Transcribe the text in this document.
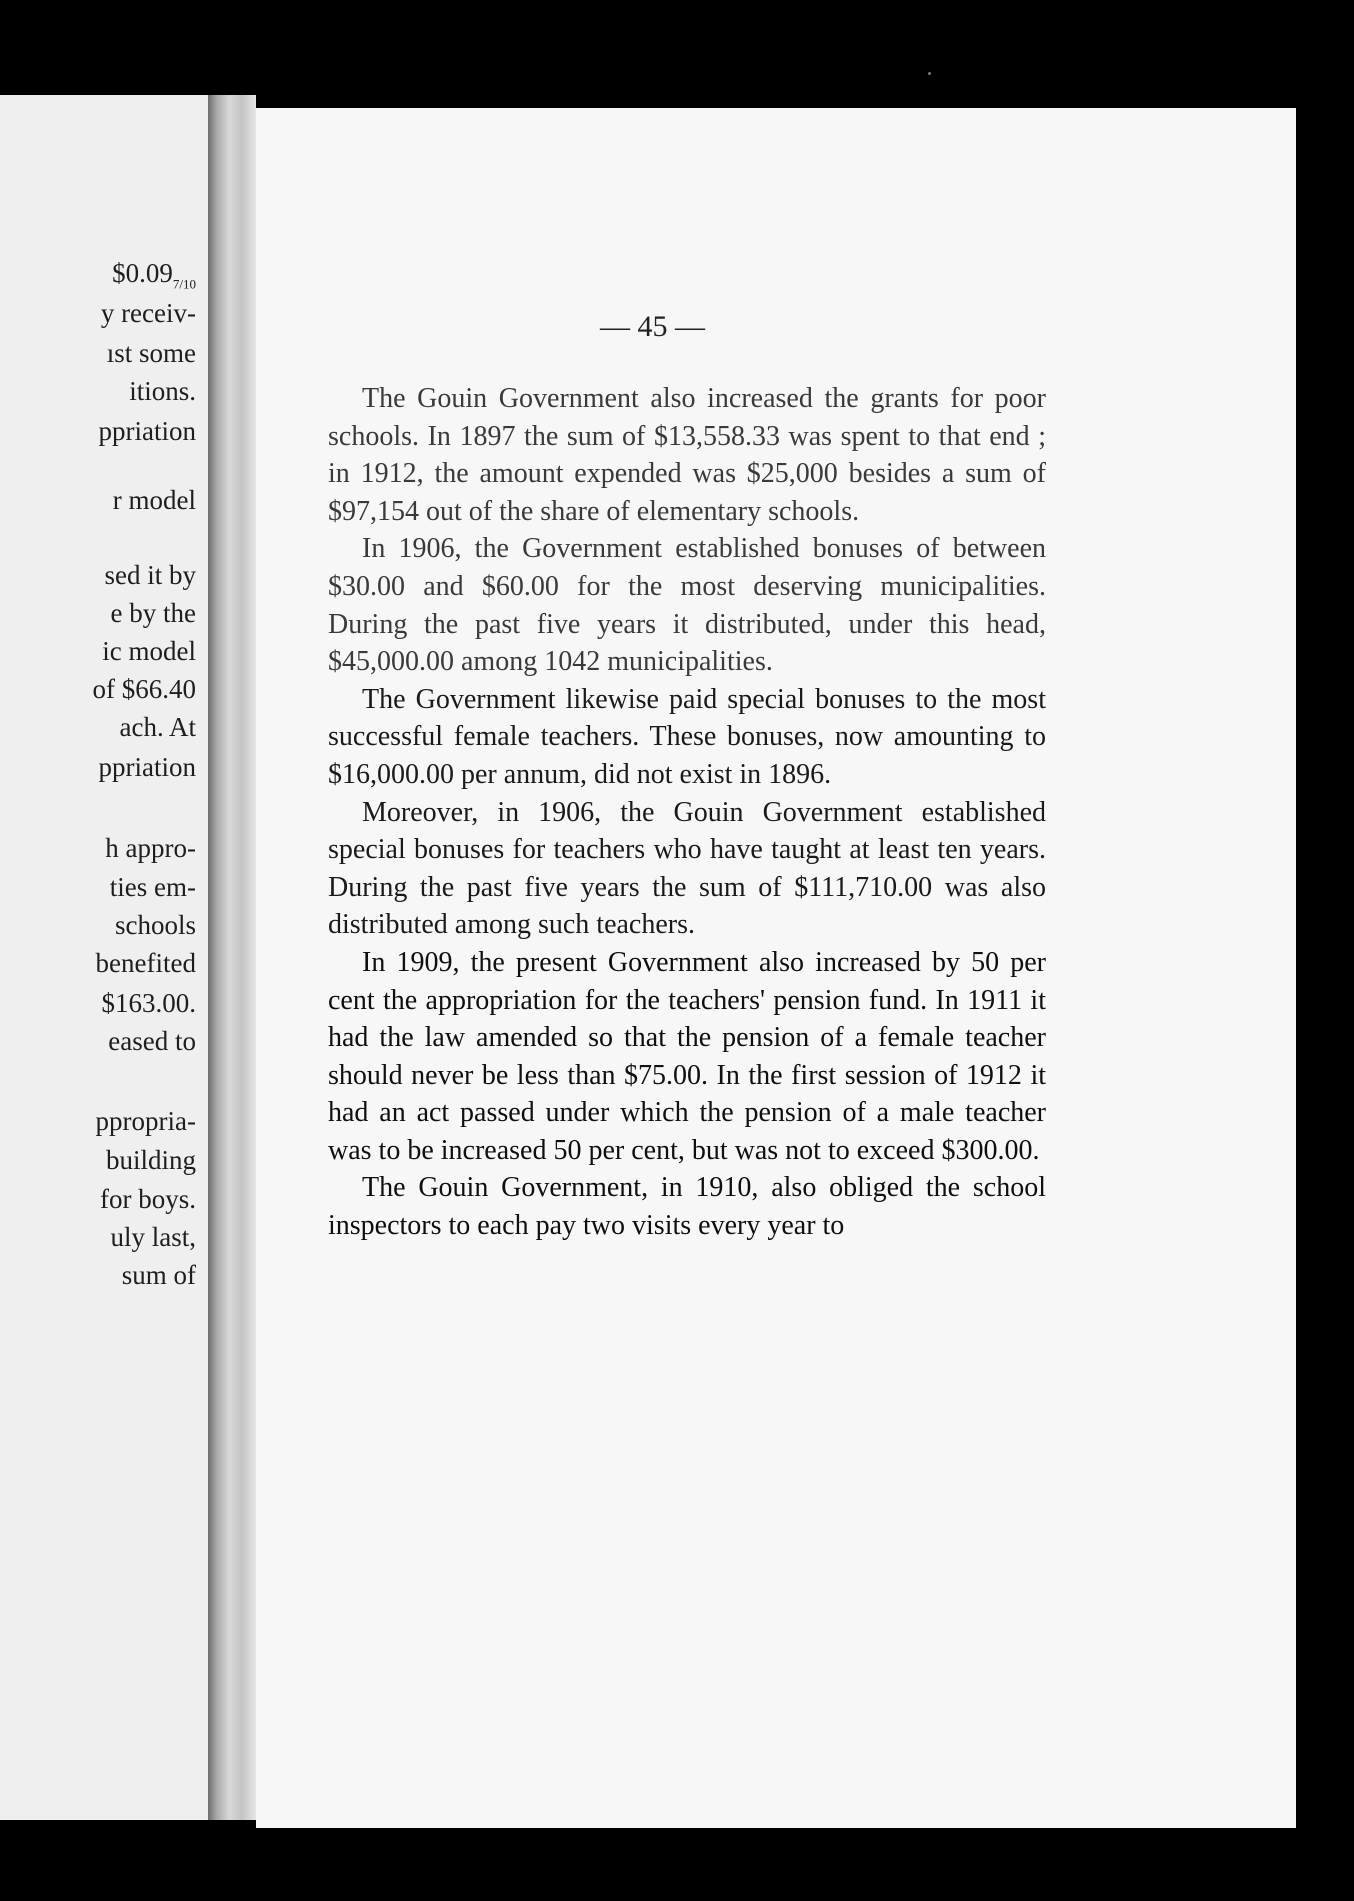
$\$0.09_{7/10}$
y receiv-
ıst some
itions.
ppriation
r model
sed it by
e by the
ic model
of $66.40
ach. At
ppriation
h appro-
ties em-
schools
benefited
$163.00.
eased to
ppropria-
building
for boys.
uly last,
sum of
— 45 —

The Gouin Government also increased the grants for poor schools. In 1897 the sum of $13,558.33 was spent to that end ; in 1912, the amount expended was $25,000 besides a sum of $97,154 out of the share of elementary schools.

In 1906, the Government established bonuses of between $30.00 and $60.00 for the most deserving municipalities. During the past five years it distributed, under this head, $45,000.00 among 1042 municipalities.

The Government likewise paid special bonuses to the most successful female teachers. These bonuses, now amounting to $16,000.00 per annum, did not exist in 1896.

Moreover, in 1906, the Gouin Government established special bonuses for teachers who have taught at least ten years. During the past five years the sum of $111,710.00 was also distributed among such teachers.

In 1909, the present Government also increased by 50 per cent the appropriation for the teachers' pension fund. In 1911 it had the law amended so that the pension of a female teacher should never be less than $75.00. In the first session of 1912 it had an act passed under which the pension of a male teacher was to be increased 50 per cent, but was not to exceed $300.00.

The Gouin Government, in 1910, also obliged the school inspectors to each pay two visits every year to
